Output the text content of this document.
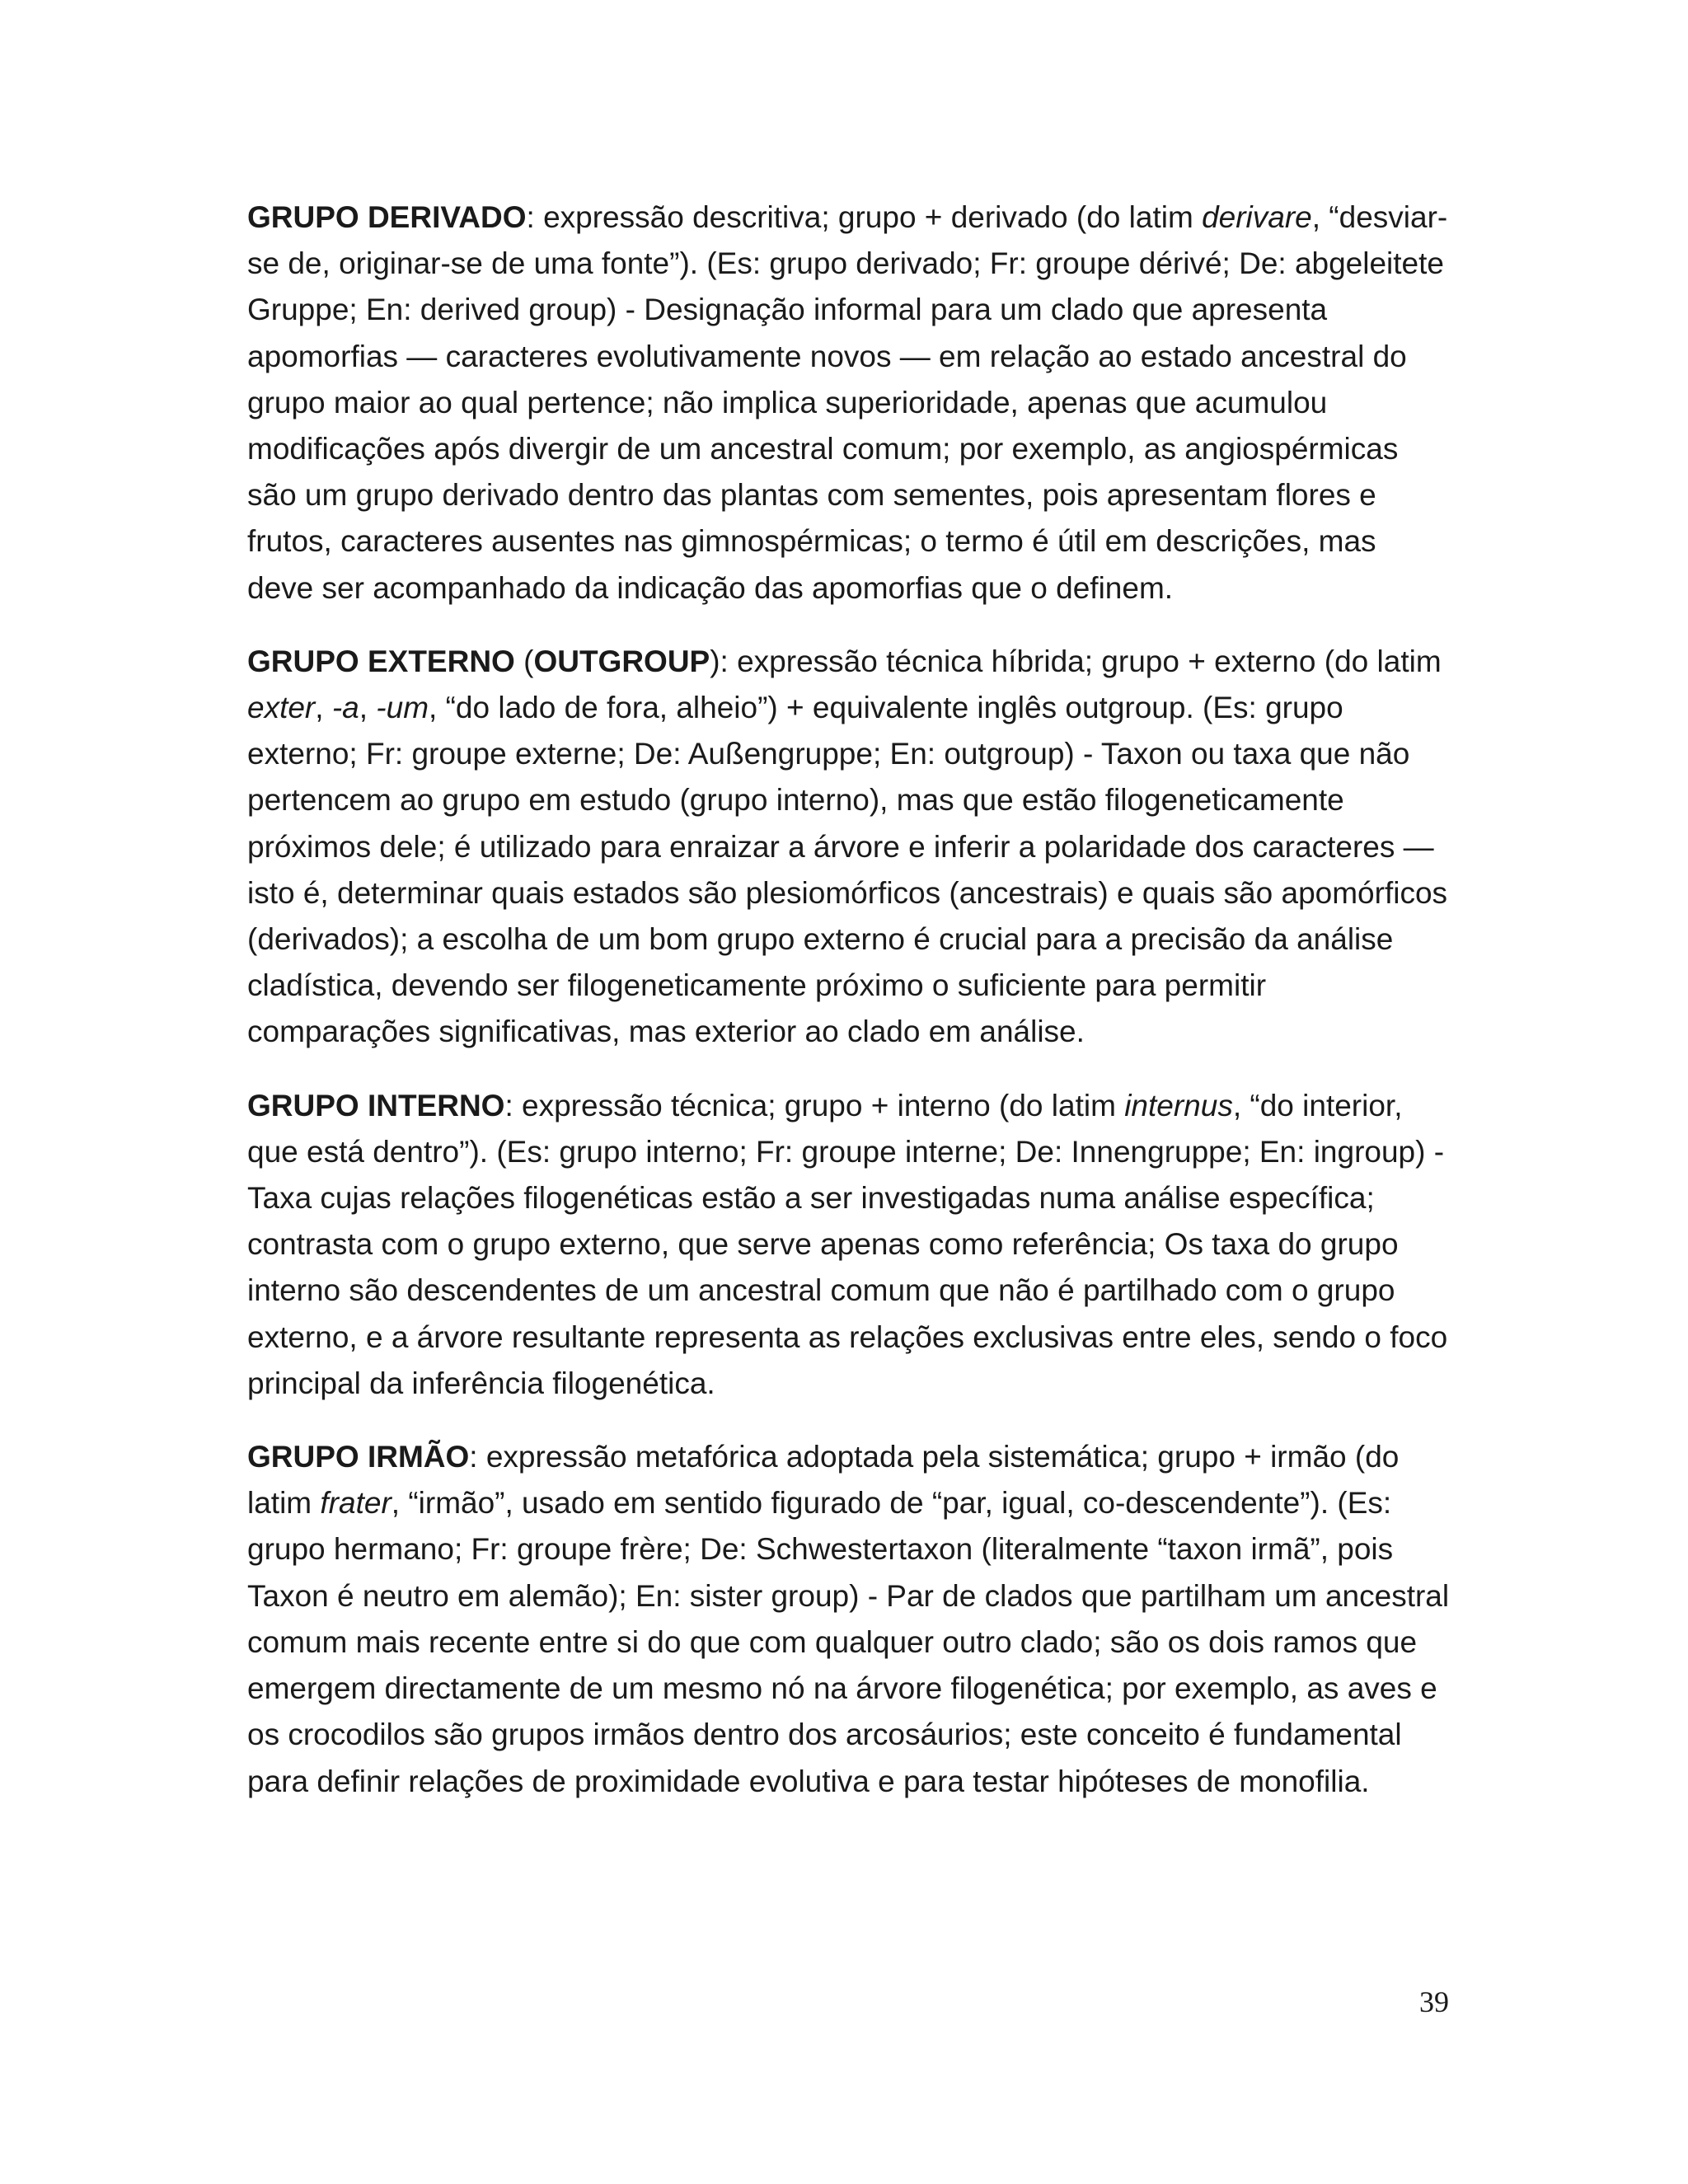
GRUPO DERIVADO: expressão descritiva; grupo + derivado (do latim derivare, “desviar-se de, originar-se de uma fonte”). (Es: grupo derivado; Fr: groupe dérivé; De: abgeleitete Gruppe; En: derived group) - Designação informal para um clado que apresenta apomorfias — caracteres evolutivamente novos — em relação ao estado ancestral do grupo maior ao qual pertence; não implica superioridade, apenas que acumulou modificações após divergir de um ancestral comum; por exemplo, as angiospérmicas são um grupo derivado dentro das plantas com sementes, pois apresentam flores e frutos, caracteres ausentes nas gimnospérmicas; o termo é útil em descrições, mas deve ser acompanhado da indicação das apomorfias que o definem.

GRUPO EXTERNO (OUTGROUP): expressão técnica híbrida; grupo + externo (do latim exter, -a, -um, “do lado de fora, alheio”) + equivalente inglês outgroup. (Es: grupo externo; Fr: groupe externe; De: Außengruppe; En: outgroup) - Taxon ou taxa que não pertencem ao grupo em estudo (grupo interno), mas que estão filogeneticamente próximos dele; é utilizado para enraizar a árvore e inferir a polaridade dos caracteres — isto é, determinar quais estados são plesiomórficos (ancestrais) e quais são apomórficos (derivados); a escolha de um bom grupo externo é crucial para a precisão da análise cladística, devendo ser filogeneticamente próximo o suficiente para permitir comparações significativas, mas exterior ao clado em análise.

GRUPO INTERNO: expressão técnica; grupo + interno (do latim internus, “do interior, que está dentro”). (Es: grupo interno; Fr: groupe interne; De: Innengruppe; En: ingroup) - Taxa cujas relações filogenéticas estão a ser investigadas numa análise específica; contrasta com o grupo externo, que serve apenas como referência; Os taxa do grupo interno são descendentes de um ancestral comum que não é partilhado com o grupo externo, e a árvore resultante representa as relações exclusivas entre eles, sendo o foco principal da inferência filogenética.

GRUPO IRMÃO: expressão metafórica adoptada pela sistemática; grupo + irmão (do latim frater, “irmão”, usado em sentido figurado de “par, igual, co-descendente”). (Es: grupo hermano; Fr: groupe frère; De: Schwestertaxon (literalmente “taxon irmã”, pois Taxon é neutro em alemão); En: sister group) - Par de clados que partilham um ancestral comum mais recente entre si do que com qualquer outro clado; são os dois ramos que emergem directamente de um mesmo nó na árvore filogenética; por exemplo, as aves e os crocodilos são grupos irmãos dentro dos arcosáurios; este conceito é fundamental para definir relações de proximidade evolutiva e para testar hipóteses de monofilia.

39
